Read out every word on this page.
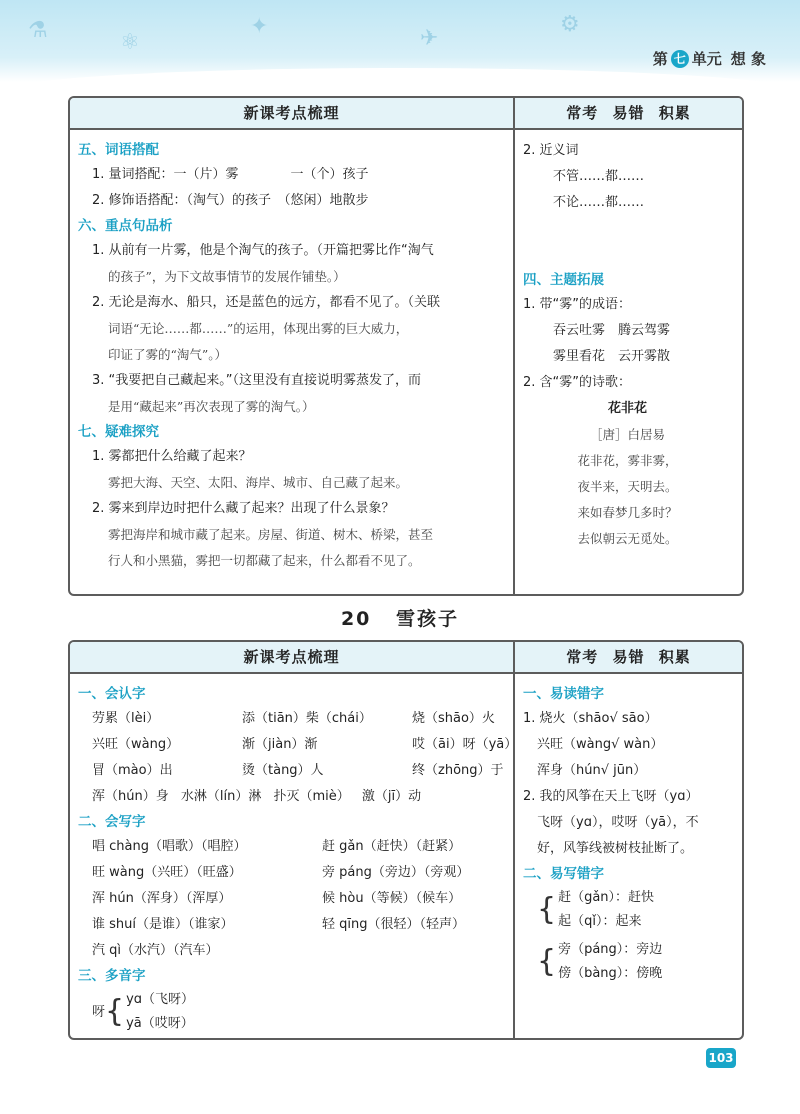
⚗	⚛
✦	✈
⚙
第 七 单元 想 象
新课考点梳理
五、词语搭配
1. 量词搭配：一（片）雾　　　　一（个）孩子
2. 修饰语搭配：（淘气）的孩子　（悠闲）地散步
六、重点句品析
1. 从前有一片雾，他是个淘气的孩子。（开篇把雾比作“淘气
的孩子”，为下文故事情节的发展作铺垫。）
2. 无论是海水、船只，还是蓝色的远方，都看不见了。（关联
词语“无论……都……”的运用，体现出雾的巨大威力，
印证了雾的“淘气”。）
3. “我要把自己藏起来。”（这里没有直接说明雾蒸发了，而
是用“藏起来”再次表现了雾的淘气。）
七、疑难探究
1. 雾都把什么给藏了起来？
雾把大海、天空、太阳、海岸、城市、自己藏了起来。
2. 雾来到岸边时把什么藏了起来？出现了什么景象？
雾把海岸和城市藏了起来。房屋、街道、树木、桥梁，甚至
行人和小黑猫，雾把一切都藏了起来，什么都看不见了。
常考 易错 积累
2. 近义词
不管……都……
不论……都……
四、主题拓展
1. 带“雾”的成语：
吞云吐雾　腾云驾雾
雾里看花　云开雾散
2. 含“雾”的诗歌：
花非花
［唐］白居易
花非花，雾非雾，
夜半来，天明去。
来如春梦几多时？
去似朝云无觅处。
20 雪孩子
新课考点梳理
一、会认字
劳累（lèi）	添（tiān）柴（chái）	烧（shāo）火
兴旺（wàng）	渐（jiàn）渐	哎（āi）呀（yā）
冒（mào）出	烫（tàng）人	终（zhōng）于
浑（hún）身 水淋（lín）淋 扑灭（miè） 激（jī）动
二、会写字
唱 chàng（唱歌）（唱腔）	赶 gǎn（赶快）（赶紧）
旺 wàng（兴旺）（旺盛）	旁 páng（旁边）（旁观）
浑 hún（浑身）（浑厚）	候 hòu（等候）（候车）
谁 shuí（是谁）（谁家）	轻 qīng（很轻）（轻声）
汽 qì（水汽）（汽车）
三、多音字
呀{ yɑ（飞呀）
yā（哎呀）
常考 易错 积累
一、易读错字
1. 烧火（shāo√ sāo）
兴旺（wàng√ wàn）
浑身（hún√ jūn）
2. 我的风筝在天上飞呀（yɑ）
飞呀（yɑ），哎呀（yā），不
好，风筝线被树枝扯断了。
二、易写错字
{ 赶（gǎn）：赶快
起（qǐ）：起来
{ 旁（páng）：旁边
傍（bàng）：傍晚
103
